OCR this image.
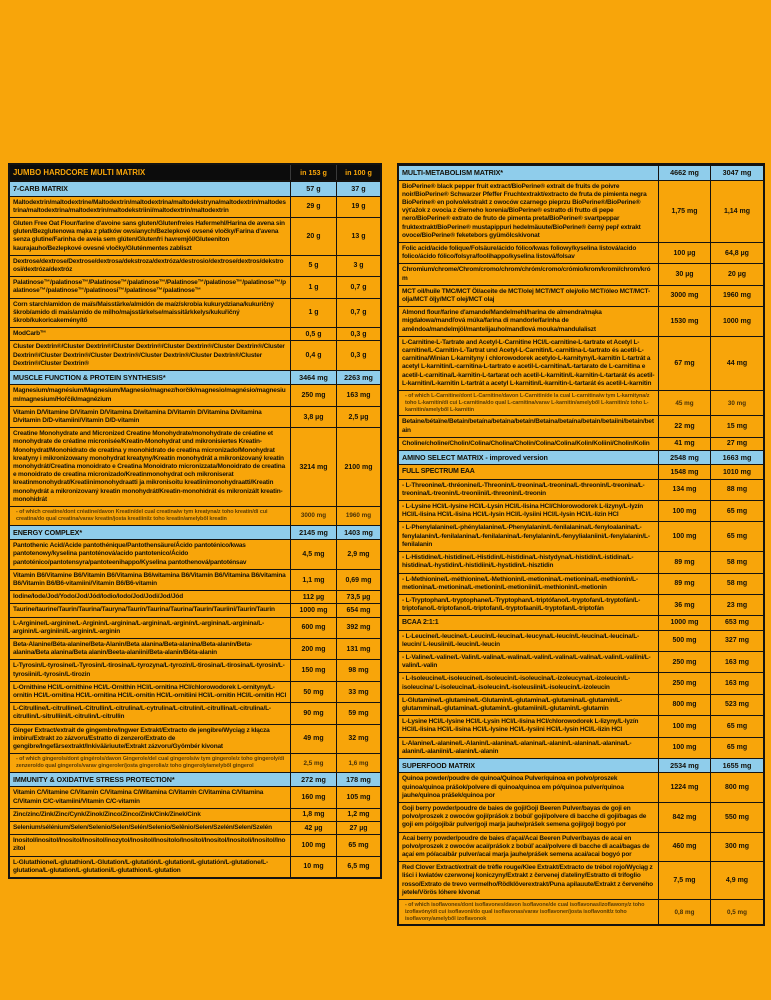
JUMBO HARDCORE MULTI MATRIX	in 153 g	in 100 g
7-CARB MATRIX	57 g	37 g
Maltodextrin/maltodextrine/Maltodextrin/maltodextrina/maltodekstryna/maltodextrin/maltodestrina/maltodextrina/maltodextrin/maltodekstriini/maltodextrin/maltodextrin	29 g	19 g
Gluten Free Oat Flour/farine d'avoine sans gluten/Glutenfreies Hafermehl/Harina de avena sin gluten/Bezglutenowa mąka z płatków owsianych/Bezlepkové ovsené vločky/Farina d'avena senza glutine/Farinha de aveia sem glúten/Glutenfri havremjöl/Gluteeniton kaurajauho/Bezlepkové ovesné vločky/Gluténmentes zabliszt
20 g	13 g
Dextrose/dextrose/Dextrose/dextrosa/dekstroza/dextróza/destrosio/dextrose/dextros/dekstroosi/dextróza/dextróz	5 g	3 g
Palatinose™/palatinose™/Palatinose™/palatinose™/Palatinose™/palatinose™/palatinose™/palatinose™/palatinose™/palatinoosi™/palatinose™/palatinose™	1 g	0,7 g
Corn starch/amidon de maïs/Maisstärke/almidón de maíz/skrobia kukurydziana/kukuričný škrob/amido di mais/amido de milho/majsstärkelse/maissitärkkelys/kukuřičný škrob/kukoricakeményítő
1 g	0,7 g
ModCarb™	0,5 g	0,3 g
Cluster Dextrin®/Cluster Dextrin®/Cluster Dextrin®/Cluster Dextrin®/Cluster Dextrin®/Cluster Dextrin®/Cluster Dextrin®/Cluster Dextrin®/Cluster Dextrin®/Cluster Dextrin®/Cluster Dextrin®/Cluster Dextrin®
0,4 g	0,3 g
MUSCLE FUNCTION & PROTEIN SYNTHESIS*	3464 mg	2263 mg
Magnesium/magnésium/Magnesium/Magnesio/magnez/horčík/magnesio/magnésio/magnesium/magnesium/Hořčík/magnézium	250 mg	163 mg
Vitamin D/Vitamine D/Vitamin D/Vitamina D/witamina D/Vitamín D/Vitamina D/vitamina D/vitamin D/D-vitamiini/Vitamin D/D-vitamin	3,8 µg	2,5 µg
Creatine Monohydrate and Micronized Creatine Monohydrate/monohydrate de créatine et monohydrate de créatine micronisée/Kreatin-Monohydrat und mikronisiertes Kreatin-Monohydrat/Monohidrato de creatina y monohidrato de creatina micronizado/Monohydrat kreatyny i mikronizowany monohydrat kreatyny/Kreatín monohydrát a mikronizovaný kreatín monohydrát/Creatina monoidrato e Creatina Monoidrato micronizzata/Monoidrato de creatina e monoidrato de creatina micronizado/Kreatinmonohydrat och mikroniserat kreatinmonohydrat/Kreatiinimonohydraatti ja mikronisoitu kreatiinimonohydraatti/Kreatin monohydrát a mikronizovaný kreatin monohydrát/Kreatin-monohidrát és mikronizált kreatin-monohidrát
3214 mg	2100 mg
- of which creatine/dont créatine/davon Kreatin/del cual creatina/w tym kreatyna/z toho kreatín/di cui creatina/do qual creatina/varav kreatin/josta kreatiini/z toho kreatin/amelyből kreatin	3000 mg	1960 mg
ENERGY COMPLEX*	2145 mg	1403 mg
Pantothenic Acid/Acide pantothénique/Pantothensäure/Ácido pantoténico/kwas pantotenowy/kyselina pantoténová/acido pantotenico/Ácido pantoténico/pantotensyra/pantoteenihappo/Kyselina pantothenová/pantoténsav
4,5 mg	2,9 mg
Vitamin B6/Vitamine B6/Vitamin B6/Vitamina B6/witamina B6/Vitamín B6/Vitamina B6/vitamina B6/Vitamin B6/B6-vitamiini/Vitamin B6/B6-vitamin	1,1 mg	0,69 mg
Iodine/Iode/Jod/Yodo/Jod/Jód/Iodio/Iodo/Jod/Jodi/Jod/Jód	112 µg	73,5 µg
Taurine/taurine/Taurin/Taurina/Tauryna/Taurín/Taurina/Taurina/Taurin/Tauriini/Taurin/Taurin	1000 mg	654 mg
L-Arginine/L-arginine/L-Arginin/L-arginina/L-arginina/L-arginín/L-arginina/L-arginina/L-arginin/L-arginiini/L-arginin/L-arginin	600 mg	392 mg
Beta-Alanine/Béta-alanine/Beta-Alanin/Beta alanina/Beta-alanina/Beta-alanín/Beta-alanina/Beta alanina/Beta alanin/Beeta-alaniini/Beta-alanin/Béta-alanin	200 mg	131 mg
L-Tyrosin/L-tyrosine/L-Tyrosin/L-tirosina/L-tyrozyna/L-tyrozín/L-tirosina/L-tirosina/L-tyrosin/L-tyrosiini/L-tyrosin/L-tirozin	150 mg	98 mg
L-Ornithine HCl/L-ornithine HCl/L-Ornithin HCl/L-ornitina HCl/chlorowodorek L-ornityny/L-ornitín HCl/L-ornitina HCl/L-ornitina HCl/L-ornitin HCl/L-ornitiini HCl/L-ornitin HCl/L-ornitin HCl	50 mg	33 mg
L-Citrulline/L-citrulline/L-Citrullin/L-citrulina/L-cytrulina/L-citrulín/L-citrullina/L-citrulina/L-citrullin/L-sitrulliini/L-citrulin/L-citrullin	90 mg	59 mg
Ginger Extract/extrait de gingembre/Ingwer Extrakt/Extracto de jengibre/Wyciąg z kłącza imbiru/Extrakt zo zázvoru/Estratto di zenzero/Extrato de gengibre/Ingefärsextrakt/Inkivääriuute/Extrakt zázvoru/Gyömbér kivonat
49 mg	32 mg
- of which gingerols/dont gingérols/davon Gingerole/del cual gingerols/w tym gingerole/z toho gingeroly/di zenzero/do qual gingerols/varav gingeroler/josta gingerolia/z toho gingeroly/amelyből gingerol	2,5 mg	1,6 mg
IMMUNITY & OXIDATIVE STRESS PROTECTION*	272 mg	178 mg
Vitamin C/Vitamine C/Vitamin C/Vitamina C/Witamina C/Vitamín C/Vitamina C/Vitamina C/Vitamin C/C-vitamiini/Vitamin C/C-vitamin	160 mg	105 mg
Zinc/zinc/Zink/Zinc/Cynk/Zinok/Zinco/Zinco/Zink/Cink/Zinek/Cink	1,8 mg	1,2 mg
Selenium/sélénium/Selen/Selenio/Selen/Selén/Selenio/Selênio/Selen/Szelén/Selen/Szelén	42 µg	27 µg
Inositol/inositol/Inositol/Inositol/inozytol/Inositol/Inositolo/Inositol/Inositol/Inositoli/Inositol/Inozitol	100 mg	65 mg
L-Glutathione/L-glutathion/L-Glutation/L-glutatión/L-glutation/L-glutatión/L-glutatione/L-glutationa/L-glutation/L-glutationi/L-glutathion/L-glutation	10 mg	6,5 mg
MULTI-METABOLISM MATRIX*	4662 mg	3047 mg
BioPerine® black pepper fruit extract/BioPerine® extrait de fruits de poivre noir/BioPerine® Schwarzer Pfeffer Fruchtextrakt/extracto de fruta de pimienta negra BioPerine® en polvo/ekstrakt z owoców czarnego pieprzu BioPerine®/BioPerine® výťažok z ovocia z čierneho korenia/BioPerine® estratto di frutto di pepe nero/BioPerine® extrato de fruto de pimenta preta/BioPerine® svartpeppar fruktextrakt/BioPerine® mustapippuri hedelmäuute/BioPerine® černý pepř extrakt ovoce/BioPerine® feketebors gyümölcskivonat
1,75 mg	1,14 mg
Folic acid/acide folique/Folsäure/ácido fólico/kwas foliowy/kyselina listová/acido folico/ácido fólico/folsyra/foolihappo/kyselina listová/folsav	100 µg	64,8 µg
Chromium/chrome/Chrom/cromo/chrom/chróm/cromo/crómio/krom/kromi/chrom/króm	30 µg	20 µg
MCT oil/huile TMC/MCT Öl/aceite de MCT/olej MCT/MCT olej/olio MCT/óleo MCT/MCT-olja/MCT öljy/MCT olej/MCT olaj	3000 mg	1960 mg
Almond flour/farine d'amande/Mandelmehl/harina de almendra/mąka migdałowa/mandľová múka/farina di mandorle/farinha de amêndoa/mandelmjöl/mantelijauho/mandlová mouka/mandulaliszt
1530 mg	1000 mg
L-Carnitine-L-Tartrate and Acetyl-L-Carnitine HCl/L-carnitine-L-tartrate et Acetyl L-carnitine/L-Carnitin-L-Tartrat und Acetyl-L-Carnitin/L-carnitina-L-tartrato és acetil-L-carnitina/Winian L-karnityny i chlorowodorek acetylo-L-karnityny/L-karnitín L-tartrát a acetyl L-karnitín/L-carnitina-L-tartrato e acetil-L-carnitina/L-tartarato de L-carnitina e acetil-L-carnitina/L-karnitin-L-tartarat och acetil-L-karnitin/L-karnitin-L-tartarát és acetil-L-karnitin/L-karnitin L-tartrát a acetyl L-karnitin/L-karnitin-L-tartarát és acetil-L-karnitin
67 mg	44 mg
- of which L-Carnitine/dont L-Carnitine/davon L-Carnitin/de la cual L-carnitina/w tym L-karnityna/z toho L-karnitín/di cui L-carnitina/do qual L-carnitina/varav L-karnitin/amelyből L-karnitin/z toho L-karnitin/amelyből L-karnitin
45 mg	30 mg
Betaine/bétaïne/Betain/betaína/betaina/betaín/Betaina/betaína/betain/betaiini/betain/betain	22 mg	15 mg
Choline/choline/Cholin/Colina/Cholina/Cholín/Colina/Colina/Kolin/Koliini/Cholin/Kolin	41 mg	27 mg
AMINO SELECT MATRIX - improved version	2548 mg	1663 mg
FULL SPECTRUM EAA	1548 mg	1010 mg
- L-Threonine/L-thréonine/L-Threonin/L-treonina/L-treonina/L-threonin/L-treonina/L-treonina/L-treonin/L-treoniini/L-threonin/L-treonin	134 mg	88 mg
- L-Lysine HCl/L-lysine HCl/L-Lysin HCl/L-lisina HCl/Chlorowodorek L-lizyny/L-lyzín HCl/L-lisina HCl/L-lisina HCl/L-lysin HCl/L-lysiini HCl/L-lysin HCl/L-lizin HCl	100 mg	65 mg
- L-Phenylalanine/L-phénylalanine/L-Phenylalanin/L-fenilalanina/L-fenyloalanina/L-fenylalanín/L-fenilalanina/L-fenilalanina/L-fenylalanin/L-fenyylialaniini/L-fenylalanin/L-fenilalanin
100 mg	65 mg
- L-Histidine/L-histidine/L-Histidin/L-histidina/L-histydyna/L-histidín/L-istidina/L-histidina/L-hystidin/L-histidiini/L-hystidin/L-hisztidin	89 mg	58 mg
- L-Methionine/L-méthionine/L-Methionin/L-metionina/L-metionina/L-methionín/L-metionina/L-metionina/L-metionin/L-metioniini/L-methionin/L-metionin	89 mg	58 mg
- L-Tryptophan/L-tryptophane/L-Tryptophan/L-triptófano/L-tryptofan/L-tryptofán/L-triptofano/L-triptofano/L-triptofan/L-tryptofaani/L-tryptofan/L-triptofán	36 mg	23 mg
BCAA 2:1:1	1000 mg	653 mg
- L-Leucine/L-leucine/L-Leucin/L-leucina/L-leucyna/L-leucín/L-leucina/L-leucina/L-leucin/ L-leusiini/L-leucin/L-leucin	500 mg	327 mg
- L-Valine/L-valine/L-Valin/L-valina/L-walina/L-valín/L-valina/L-valina/L-valin/L-valiini/L-valin/L-valin	250 mg	163 mg
- L-Isoleucine/L-isoleucine/L-Isoleucin/L-isoleucina/L-izoleucyna/L-izoleucín/L-isoleucina/ L-isoleucina/L-isoleucin/L-isoleusiini/L-isoleucin/L-izoleucin	250 mg	163 mg
L-Glutamine/L-glutamine/L-Glutamin/L-glutamina/L-glutamina/L-glutamín/L-glutammina/L-glutamina/L-glutamin/L-glutamiini/L-glutamin/L-glutamin	800 mg	523 mg
L-Lysine HCl/L-lysine HCl/L-Lysin HCl/L-lisina HCl/chlorowodorek L-lizyny/L-lyzín HCl/L-lisina HCl/L-lisina HCl/L-lysine HCl/L-lysiini HCl/L-lysin HCl/L-lizin HCl	100 mg	65 mg
L-Alanine/L-alanine/L-Alanin/L-alanina/L-alanina/L-alanín/L-alanina/L-alanina/L-alanin/L-alaniini/L-alanin/L-alanin	100 mg	65 mg
SUPERFOOD MATRIX	2534 mg	1655 mg
Quinoa powder/poudre de quinoa/Quinoa Pulver/quinoa en polvo/proszek quinoa/quinoa prášok/polvere di quinoa/quinoa em pó/quinoa pulver/quinoa jauhe/quinoa prášek/quinoa por
1224 mg	800 mg
Goji berry powder/poudre de baies de goji/Goji Beeren Pulver/bayas de goji en polvo/proszek z owoców goji/prášok z bobúľ goji/polvere di bacche di goji/bagas de goji em pó/gojibär pulver/goji marja jauhe/prášek semena goji/goji bogyó por
842 mg	550 mg
Acai berry powder/poudre de baies d'açaí/Acai Beeren Pulver/bayas de acai en polvo/proszek z owoców acai/prášok z bobúľ acai/polvere di bacche di acai/bagas de açaí em pó/acaibär pulver/acai marja jauhe/prášek semena acai/acai bogyó por
460 mg	300 mg
Red Clover Extract/extrait de trèfle rouge/Klee Extrakt/Extracto de trébol rojo/Wyciąg z liści i kwiatów czerwonej koniczyny/Extrakt z červenej ďateliny/Estratto di trifoglio rosso/Extrato de trevo vermelho/Rödklöverextrakt/Puna apilauute/Extrakt z červeného jetele/Vörös lóhere kivonat
7,5 mg	4,9 mg
- of which isoflavones/dont isoflavones/davon Isoflavone/de cual isoflavonas/izoflawony/z toho izoflavóny/di cui isoflavoni/do qual isoflavonas/varav isoflavoner/josta isoflavonit/z toho isoflavony/amelyből izoflavonok
0,8 mg	0,5 mg
